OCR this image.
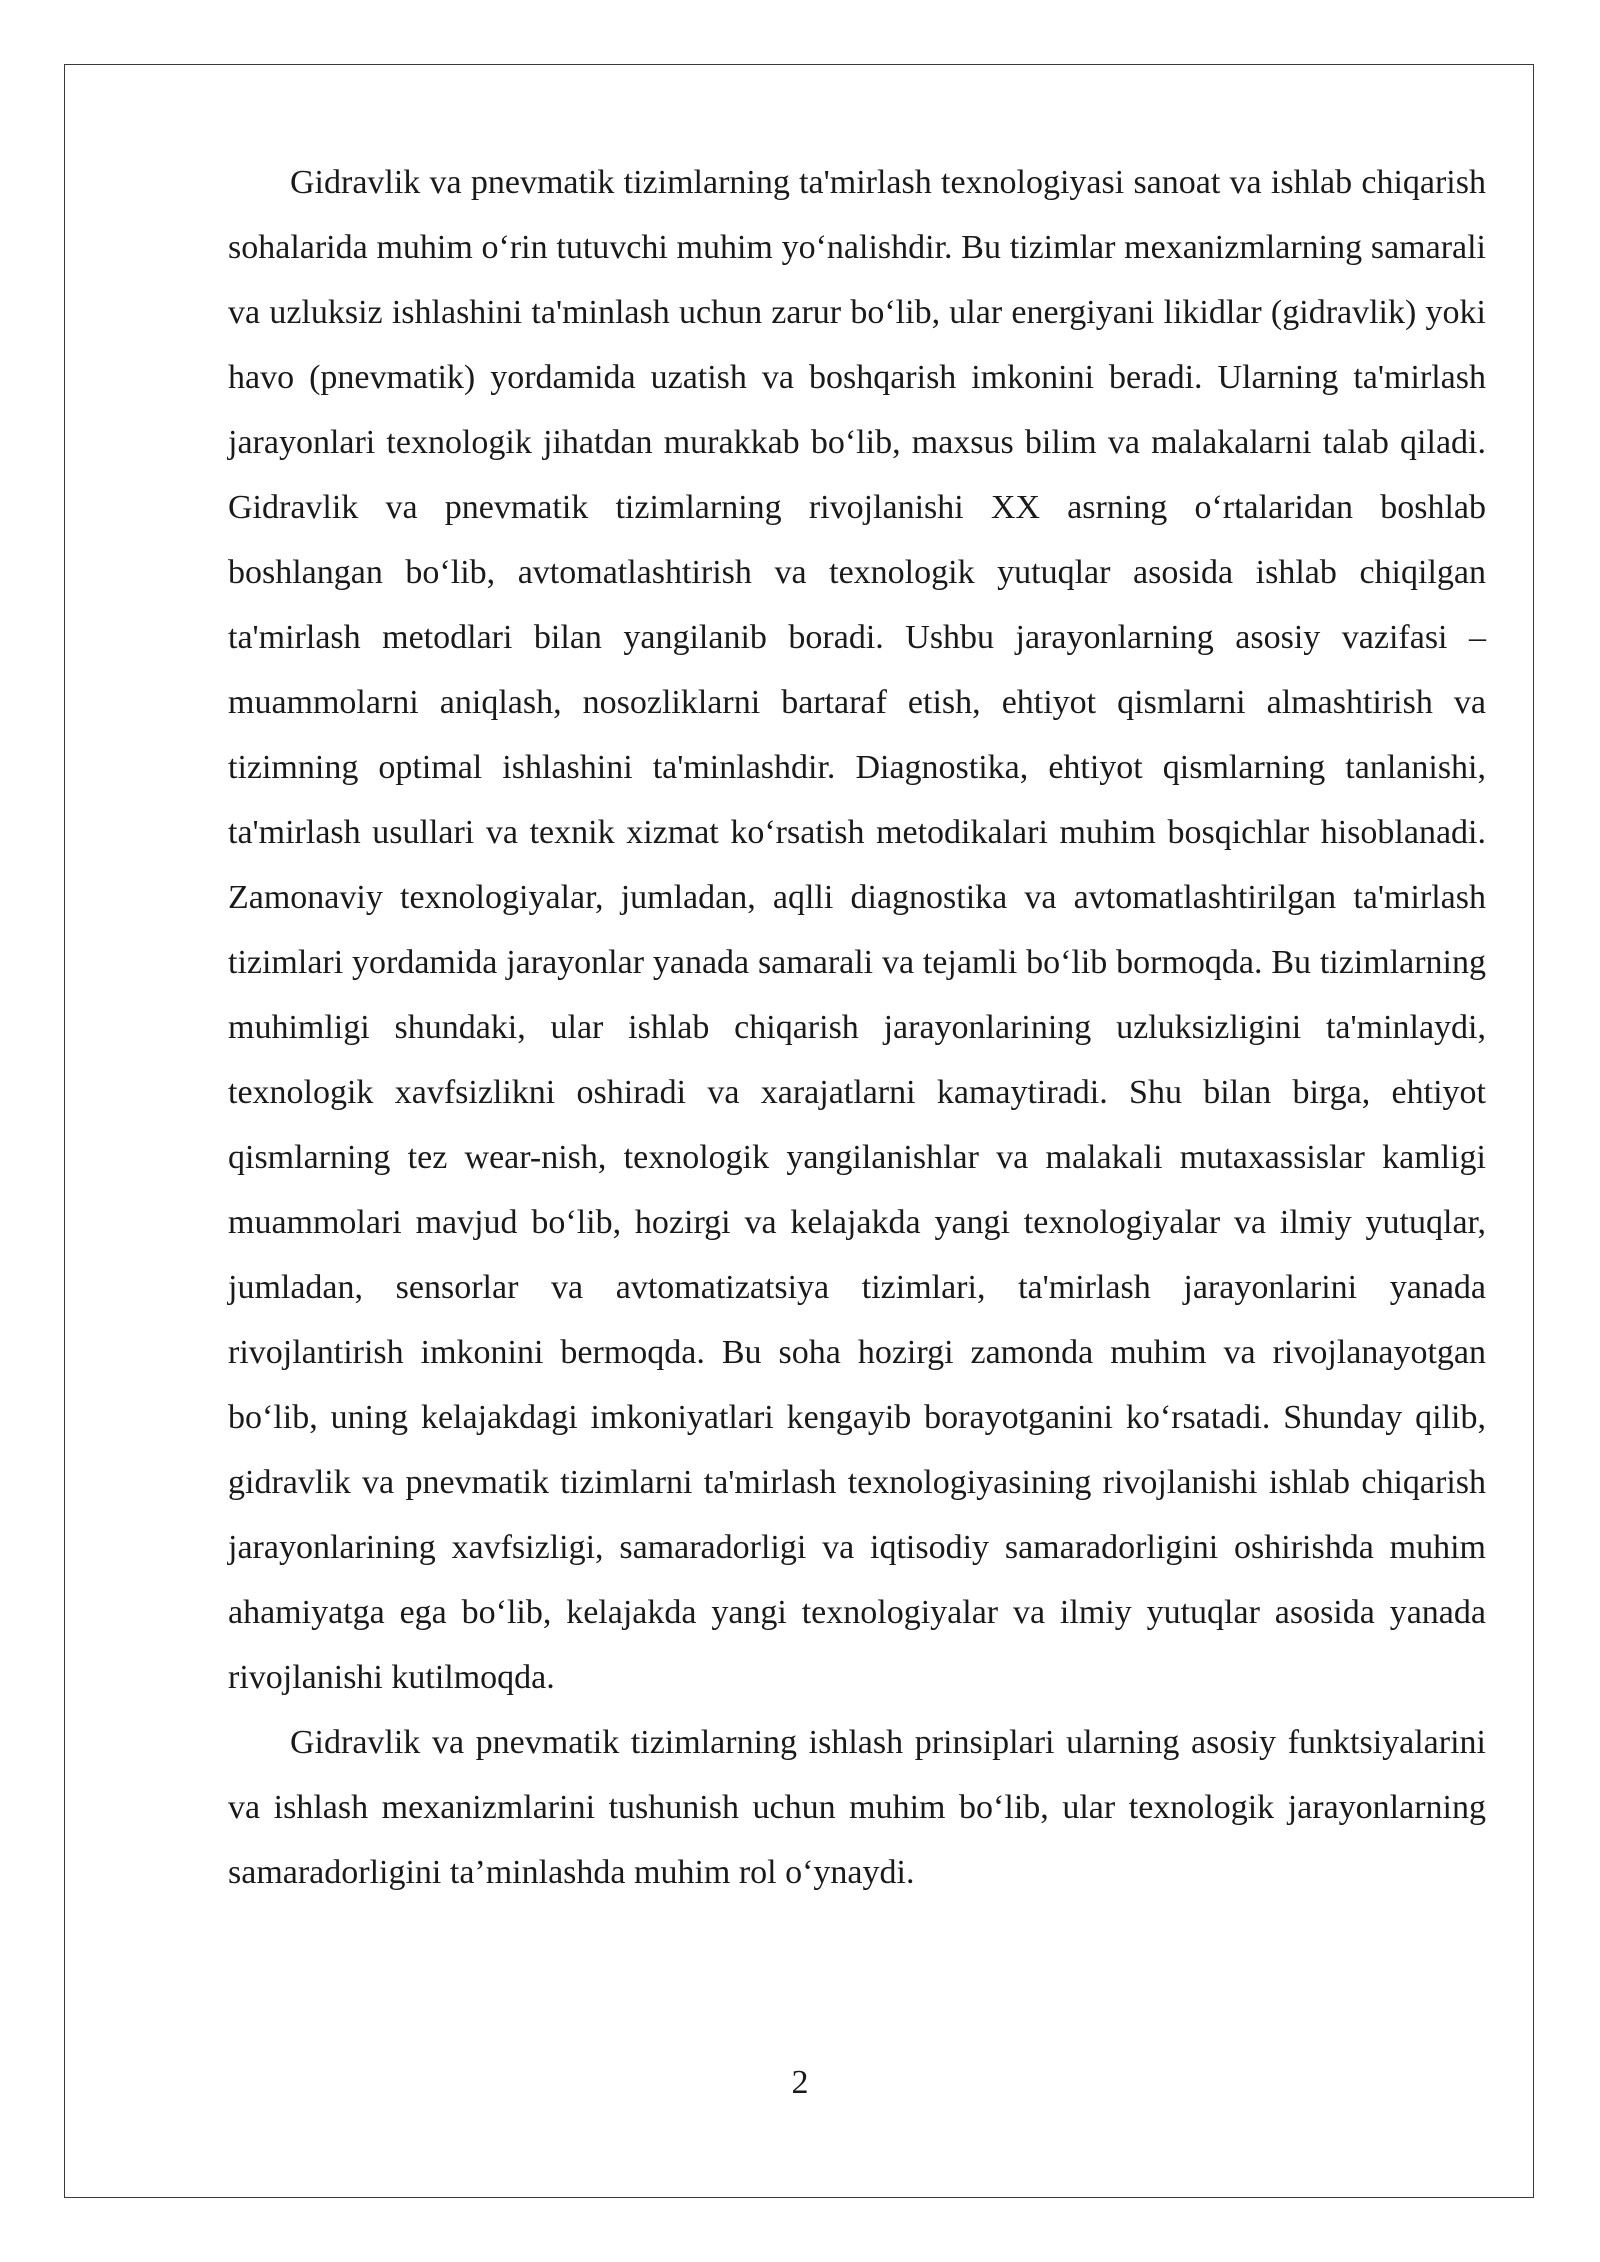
Gidravlik va pnevmatik tizimlarning ta'mirlash texnologiyasi sanoat va ishlab chiqarish sohalarida muhim o‘rin tutuvchi muhim yo‘nalishdir. Bu tizimlar mexanizmlarning samarali va uzluksiz ishlashini ta'minlash uchun zarur bo‘lib, ular energiyani likidlar (gidravlik) yoki havo (pnevmatik) yordamida uzatish va boshqarish imkonini beradi. Ularning ta'mirlash jarayonlari texnologik jihatdan murakkab bo‘lib, maxsus bilim va malakalarni talab qiladi. Gidravlik va pnevmatik tizimlarning rivojlanishi XX asrning o‘rtalaridan boshlab boshlangan bo‘lib, avtomatlashtirish va texnologik yutuqlar asosida ishlab chiqilgan ta'mirlash metodlari bilan yangilanib boradi. Ushbu jarayonlarning asosiy vazifasi – muammolarni aniqlash, nosozliklarni bartaraf etish, ehtiyot qismlarni almashtirish va tizimning optimal ishlashini ta'minlashdir. Diagnostika, ehtiyot qismlarning tanlanishi, ta'mirlash usullari va texnik xizmat ko‘rsatish metodikalari muhim bosqichlar hisoblanadi. Zamonaviy texnologiyalar, jumladan, aqlli diagnostika va avtomatlashtirilgan ta'mirlash tizimlari yordamida jarayonlar yanada samarali va tejamli bo‘lib bormoqda. Bu tizimlarning muhimligi shundaki, ular ishlab chiqarish jarayonlarining uzluksizligini ta'minlaydi, texnologik xavfsizlikni oshiradi va xarajatlarni kamaytiradi. Shu bilan birga, ehtiyot qismlarning tez wear-nish, texnologik yangilanishlar va malakali mutaxassislar kamligi muammolari mavjud bo‘lib, hozirgi va kelajakda yangi texnologiyalar va ilmiy yutuqlar, jumladan, sensorlar va avtomatizatsiya tizimlari, ta'mirlash jarayonlarini yanada rivojlantirish imkonini bermoqda. Bu soha hozirgi zamonda muhim va rivojlanayotgan bo‘lib, uning kelajakdagi imkoniyatlari kengayib borayotganini ko‘rsatadi. Shunday qilib, gidravlik va pnevmatik tizimlarni ta'mirlash texnologiyasining rivojlanishi ishlab chiqarish jarayonlarining xavfsizligi, samaradorligi va iqtisodiy samaradorligini oshirishda muhim ahamiyatga ega bo‘lib, kelajakda yangi texnologiyalar va ilmiy yutuqlar asosida yanada rivojlanishi kutilmoqda.

Gidravlik va pnevmatik tizimlarning ishlash prinsiplari ularning asosiy funktsiyalarini va ishlash mexanizmlarini tushunish uchun muhim bo‘lib, ular texnologik jarayonlarning samaradorligini ta’minlashda muhim rol o‘ynaydi.

2
